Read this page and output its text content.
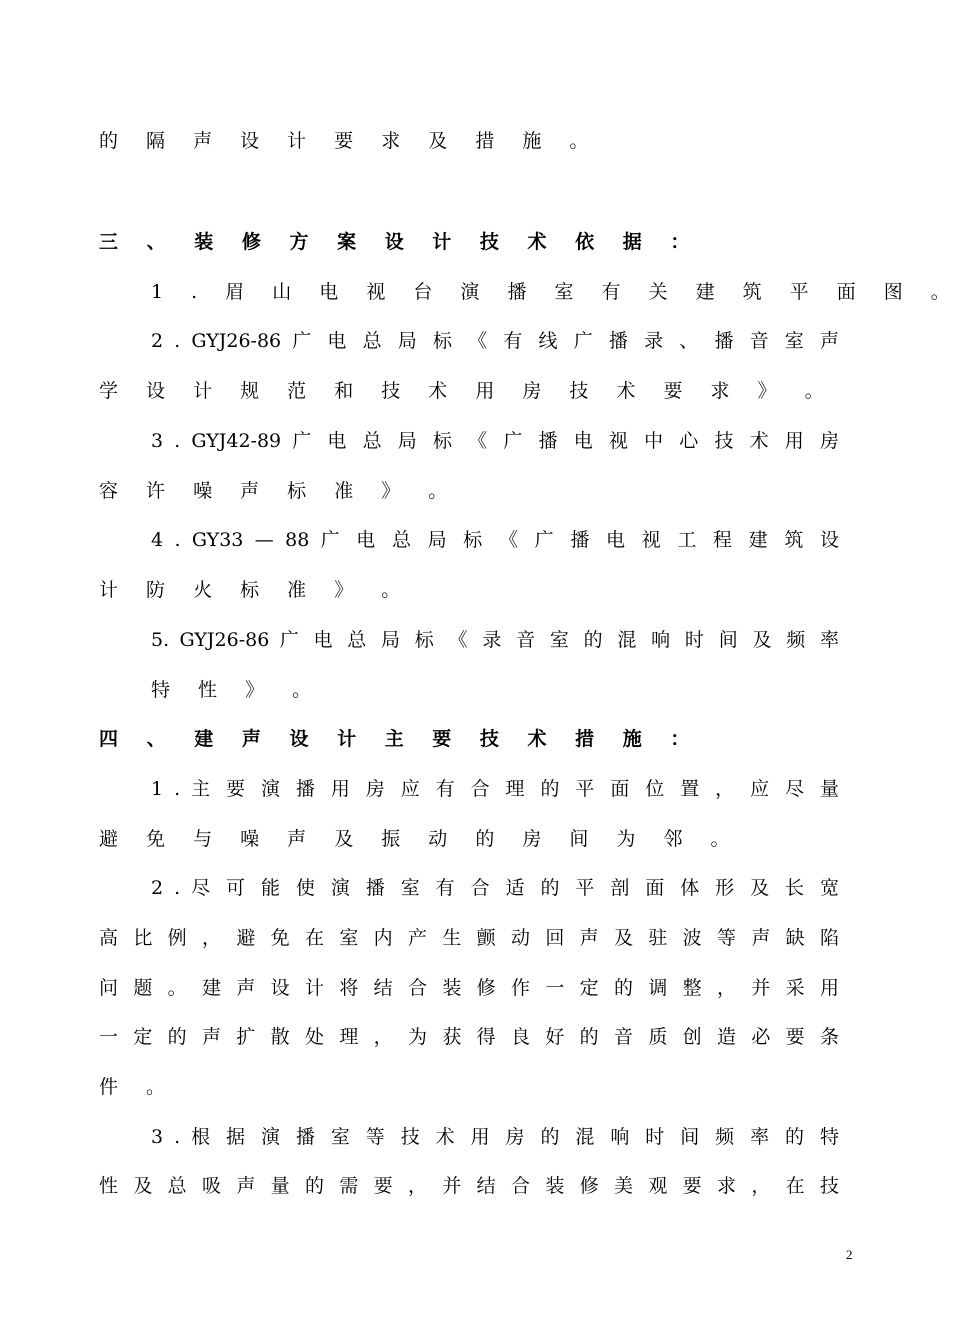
的 隔 声 设 计 要 求 及 措 施 。
三 、 装 修 方 案 设 计 技 术 依 据 ：
1 . 眉 山 电 视 台 演 播 室 有 关 建 筑 平 面 图 。
2 . GYJ26-86 广 电 总 局 标 《 有 线 广 播 录 、 播 音 室 声
学 设 计 规 范 和 技 术 用 房 技 术 要 求 》 。
3 . GYJ42-89 广 电 总 局 标 《 广 播 电 视 中 心 技 术 用 房
容 许 噪 声 标 准 》 。
4 . GY33 — 88 广 电 总 局 标 《 广 播 电 视 工 程 建 筑 设
计 防 火 标 准 》 。
5. GYJ26-86 广 电 总 局 标 《 录 音 室 的 混 响 时 间 及 频 率
特 性 》 。
四 、 建 声 设 计 主 要 技 术 措 施 ：
1 . 主 要 演 播 用 房 应 有 合 理 的 平 面 位 置 ， 应 尽 量
避 免 与 噪 声 及 振 动 的 房 间 为 邻 。
2 . 尽 可 能 使 演 播 室 有 合 适 的 平 剖 面 体 形 及 长 宽
高 比 例 ， 避 免 在 室 内 产 生 颤 动 回 声 及 驻 波 等 声 缺 陷
问 题 。 建 声 设 计 将 结 合 装 修 作 一 定 的 调 整 ， 并 采 用
一 定 的 声 扩 散 处 理 ， 为 获 得 良 好 的 音 质 创 造 必 要 条
件 。
3 . 根 据 演 播 室 等 技 术 用 房 的 混 响 时 间 频 率 的 特
性 及 总 吸 声 量 的 需 要 ， 并 结 合 装 修 美 观 要 求 ， 在 技
2
